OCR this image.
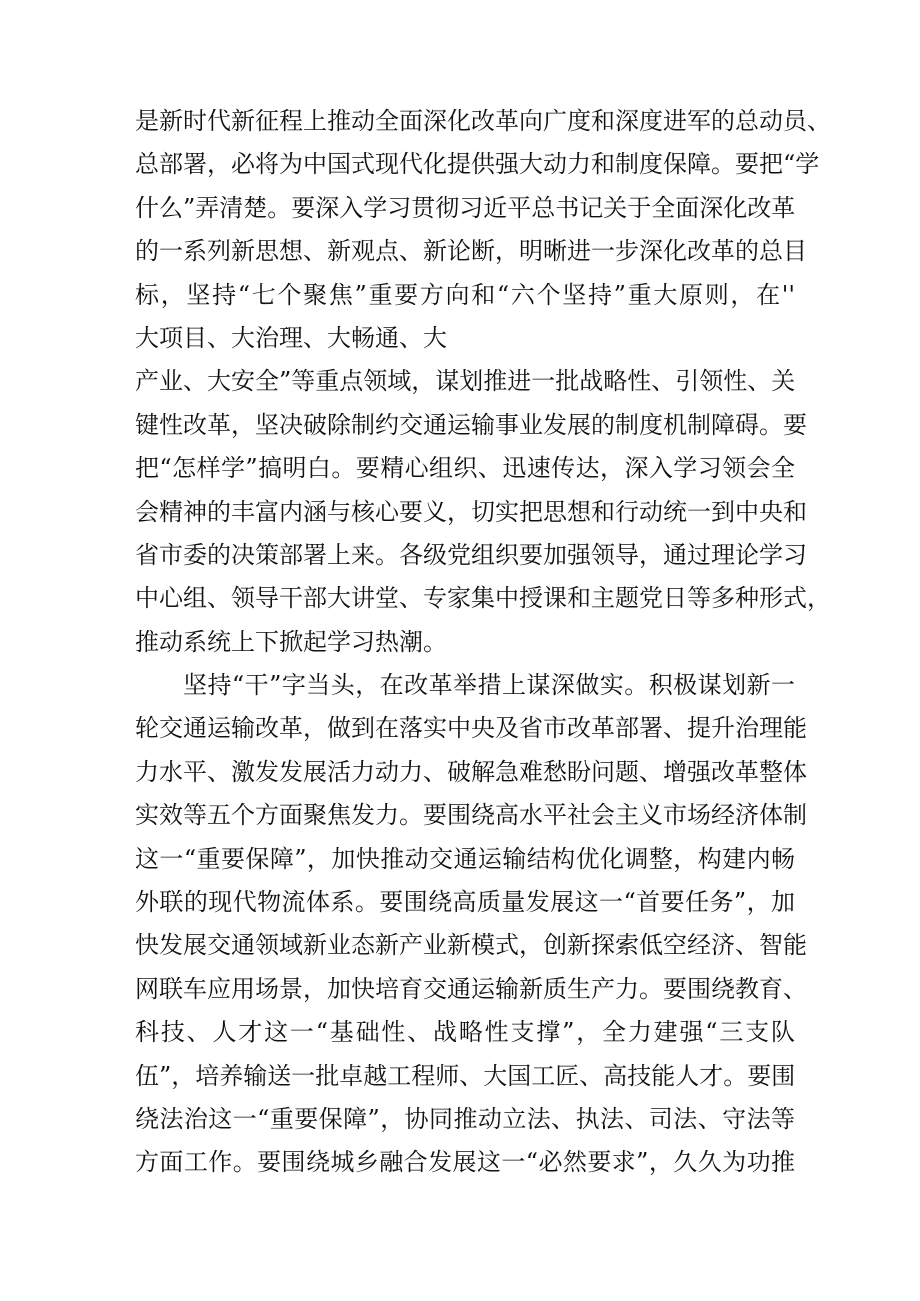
是新时代新征程上推动全面深化改革向广度和深度进军的总动员、
总部署，必将为中国式现代化提供强大动力和制度保障。要把“学
什么”弄清楚。要深入学习贯彻习近平总书记关于全面深化改革
的一系列新思想、新观点、新论断，明晰进一步深化改革的总目
标，坚持“七个聚焦”重要方向和“六个坚持”重大原则，在''
大项目、大治理、大畅通、大
产业、大安全”等重点领域，谋划推进一批战略性、引领性、关
键性改革，坚决破除制约交通运输事业发展的制度机制障碍。要
把“怎样学”搞明白。要精心组织、迅速传达，深入学习领会全
会精神的丰富内涵与核心要义，切实把思想和行动统一到中央和
省市委的决策部署上来。各级党组织要加强领导，通过理论学习
中心组、领导干部大讲堂、专家集中授课和主题党日等多种形式，
推动系统上下掀起学习热潮。
坚持“干”字当头，在改革举措上谋深做实。积极谋划新一
轮交通运输改革，做到在落实中央及省市改革部署、提升治理能
力水平、激发发展活力动力、破解急难愁盼问题、增强改革整体
实效等五个方面聚焦发力。要围绕高水平社会主义市场经济体制
这一“重要保障”，加快推动交通运输结构优化调整，构建内畅
外联的现代物流体系。要围绕高质量发展这一“首要任务”，加
快发展交通领域新业态新产业新模式，创新探索低空经济、智能
网联车应用场景，加快培育交通运输新质生产力。要围绕教育、
科技、人才这一“基础性、战略性支撑”，全力建强“三支队
伍”，培养输送一批卓越工程师、大国工匠、高技能人才。要围
绕法治这一“重要保障”，协同推动立法、执法、司法、守法等
方面工作。要围绕城乡融合发展这一“必然要求”，久久为功推
